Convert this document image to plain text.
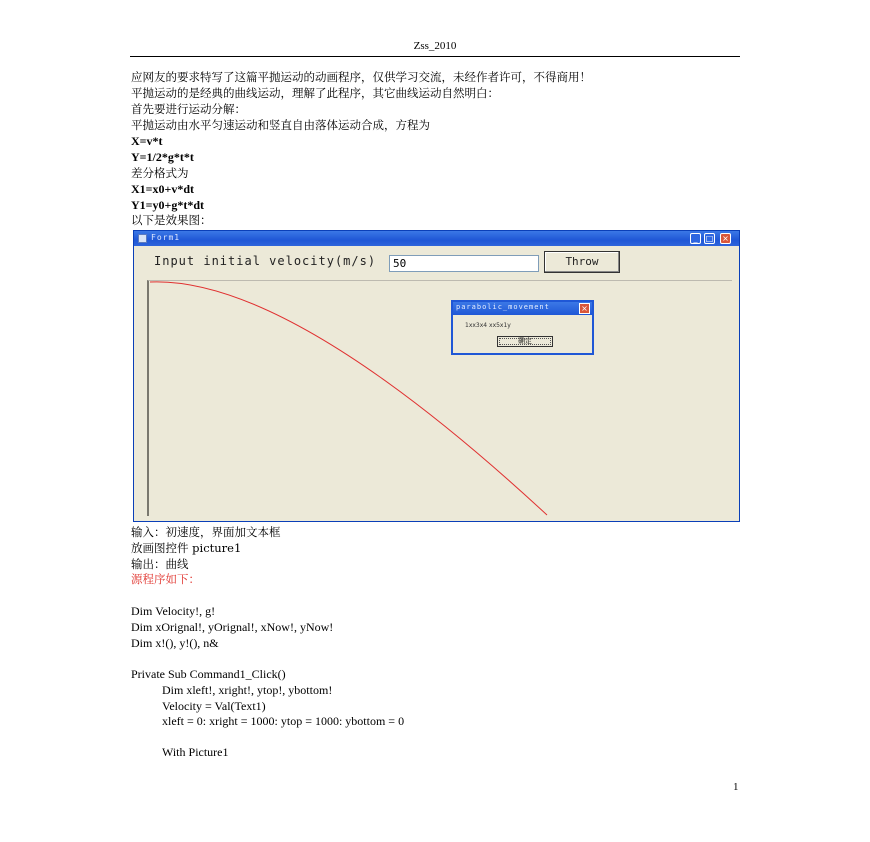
Zss_2010
应网友的要求特写了这篇平抛运动的动画程序，仅供学习交流，未经作者许可，不得商用！
平抛运动的是经典的曲线运动，理解了此程序，其它曲线运动自然明白：
首先要进行运动分解：
平抛运动由水平匀速运动和竖直自由落体运动合成，方程为
X=v*t
Y=1/2*g*t*t
差分格式为
X1=x0+v*dt
Y1=y0+g*t*dt
以下是效果图：
Form1	_	□ ×
Input initial velocity(m/s)	50	Throw
parabolic_movement	×
1xx3x4 xx5x1y
确定
输入：初速度，界面加文本框
放画图控件 picture1
输出：曲线
源程序如下：
Dim Velocity!, g!
Dim xOrignal!, yOrignal!, xNow!, yNow!
Dim x!(), y!(), n&
Private Sub Command1_Click()
Dim xleft!, xright!, ytop!, ybottom!
Velocity = Val(Text1)
xleft = 0: xright = 1000: ytop = 1000: ybottom = 0
With Picture1
1
